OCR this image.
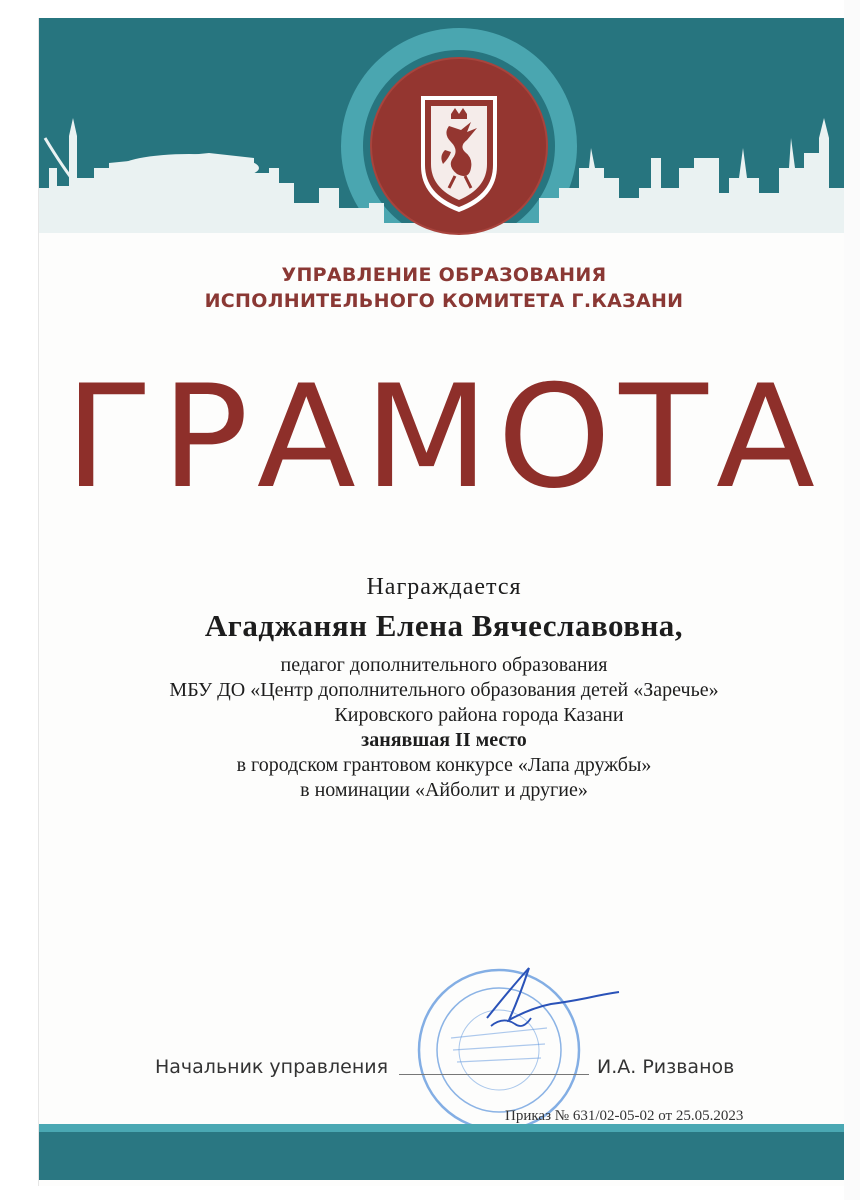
УПРАВЛЕНИЕ ОБРАЗОВАНИЯ
ИСПОЛНИТЕЛЬНОГО КОМИТЕТА Г.КАЗАНИ
ГРАМОТА
Награждается
Агаджанян Елена Вячеславовна,
педагог дополнительного образования
МБУ ДО «Центр дополнительного образования детей «Заречье»
Кировского района города Казани
занявшая II место
в городском грантовом конкурсе «Лапа дружбы»
в номинации «Айболит и другие»
Начальник управления	И.А. Ризванов
Приказ № 631/02-05-02 от 25.05.2023
